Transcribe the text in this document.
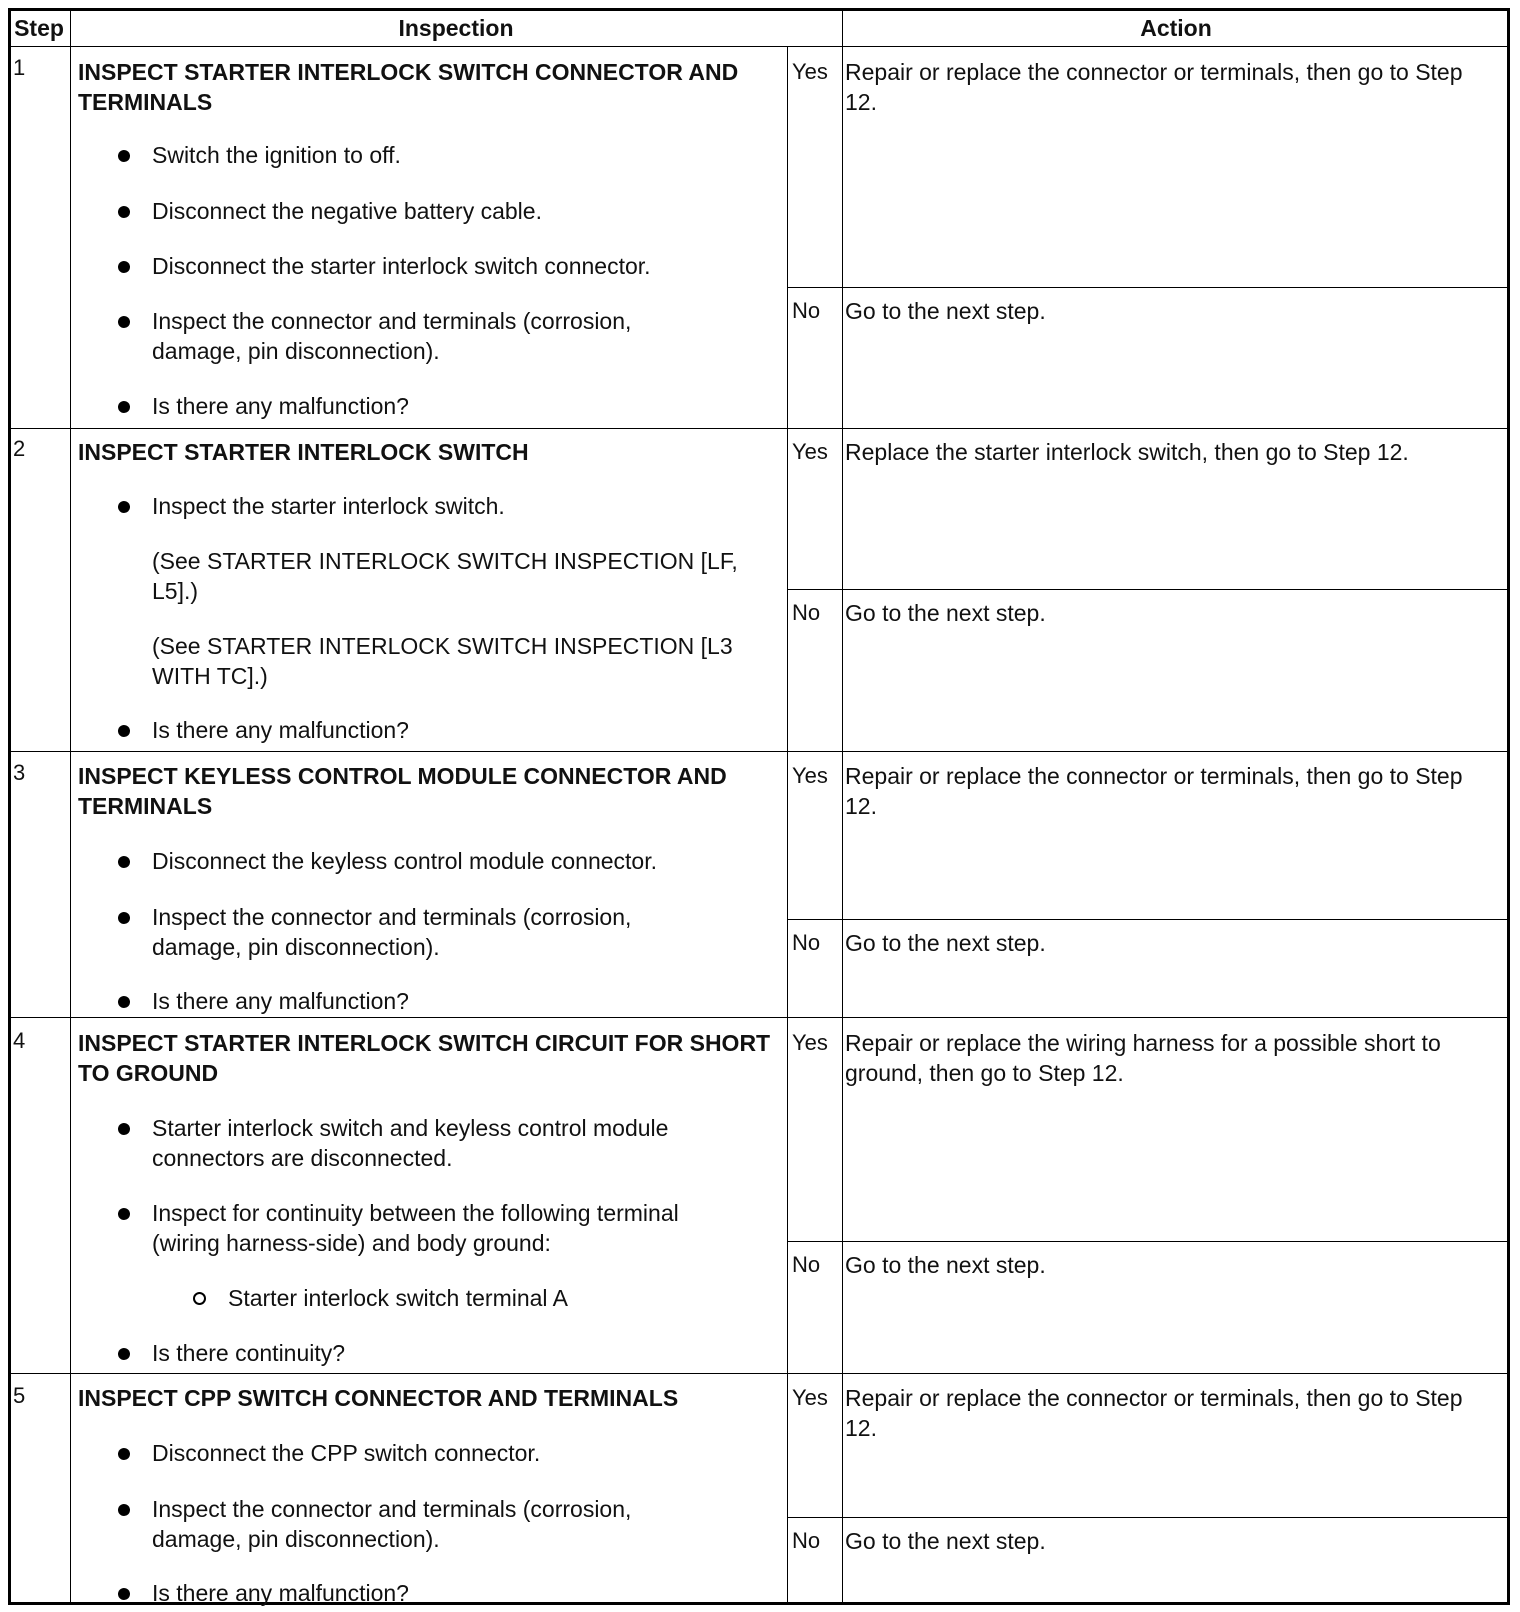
Step	Inspection	Action
1 INSPECT STARTER INTERLOCK SWITCH CONNECTOR AND TERMINALS
Switch the ignition to off.
Disconnect the negative battery cable.
Disconnect the starter interlock switch connector.
Inspect the connector and terminals (corrosion, damage, pin disconnection).
Is there any malfunction?
Yes Repair or replace the connector or terminals, then go to Step 12.
No Go to the next step.
2 INSPECT STARTER INTERLOCK SWITCH
Inspect the starter interlock switch.
(See STARTER INTERLOCK SWITCH INSPECTION [LF, L5].)
(See STARTER INTERLOCK SWITCH INSPECTION [L3 WITH TC].)
Is there any malfunction?
Yes Replace the starter interlock switch, then go to Step 12.
No Go to the next step.
3 INSPECT KEYLESS CONTROL MODULE CONNECTOR AND TERMINALS
Disconnect the keyless control module connector.
Inspect the connector and terminals (corrosion, damage, pin disconnection).
Is there any malfunction?
Yes Repair or replace the connector or terminals, then go to Step 12.
No Go to the next step.
4 INSPECT STARTER INTERLOCK SWITCH CIRCUIT FOR SHORT TO GROUND
Starter interlock switch and keyless control module connectors are disconnected.
Inspect for continuity between the following terminal (wiring harness-side) and body ground:
Starter interlock switch terminal A
Is there continuity?
Yes Repair or replace the wiring harness for a possible short to ground, then go to Step 12.
No Go to the next step.
5 INSPECT CPP SWITCH CONNECTOR AND TERMINALS
Disconnect the CPP switch connector.
Inspect the connector and terminals (corrosion, damage, pin disconnection).
Is there any malfunction?
Yes Repair or replace the connector or terminals, then go to Step 12.
No Go to the next step.
